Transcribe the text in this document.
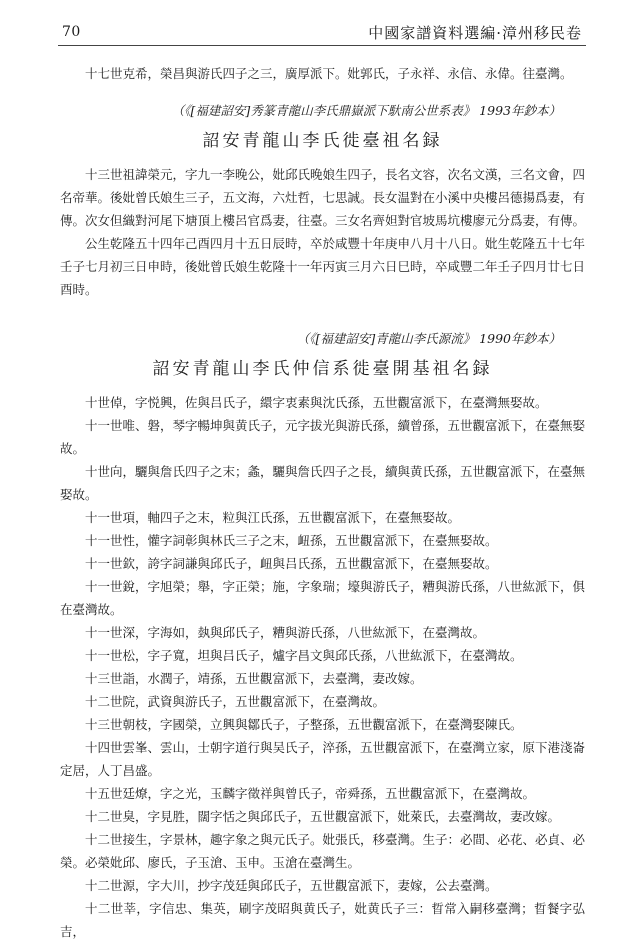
70	中國家譜資料選編·漳州移民卷

十七世克希，榮昌與游氏四子之三，廣厚派下。妣郭氏，子永祥、永信、永偉。往臺灣。

（《[福建詔安]秀篆青龍山李氏鼎嶽派下馱南公世系表》 1993年鈔本）
詔安青龍山李氏徙臺祖名録

十三世祖諱榮元，字九一李晚公，妣邱氏晚娘生四子，長名文容，次名文漢，三名文會，四名帝華。後妣曾氏娘生三子，五文海，六灶哲，七思誠。長女温對在小溪中央樓呂德揚爲妻，有傳。次女但織對河尾下塘頂上樓呂官爲妻，往臺。三女名齊妲對官坡馬坑樓廖元分爲妻，有傳。

公生乾隆五十四年己酉四月十五日辰時，卒於咸豐十年庚申八月十八日。妣生乾隆五十七年壬子七月初三日申時，後妣曾氏娘生乾隆十一年丙寅三月六日巳時，卒咸豐二年壬子四月廿七日酉時。

（《[福建詔安]青龍山李氏源流》 1990年鈔本）
詔安青龍山李氏仲信系徙臺開基祖名録

十世倬，字悦興，佐與吕氏子，繯字衷素與沈氏孫，五世觀富派下，在臺灣無娶故。

十一世唯、磐，琴字暢坤與黄氏子，元字拔光與游氏孫，續曾孫，五世觀富派下，在臺無娶故。

十世向，驪與詹氏四子之末；螽，驪與詹氏四子之長，續與黄氏孫，五世觀富派下，在臺無娶故。

十一世項，軸四子之末，粒與江氏孫，五世觀富派下，在臺無娶故。

十一世性，懽字詞彰與林氏三子之末，衄孫，五世觀富派下，在臺無娶故。

十一世欽，誇字詞謙與邱氏子，衄與吕氏孫，五世觀富派下，在臺無娶故。

十一世銳，字旭榮；舉，字正榮；施，字象瑞；壕與游氏子，糟與游氏孫，八世紘派下，俱在臺灣故。

十一世深，字海如，埶與邱氏子，糟與游氏孫，八世紘派下，在臺灣故。

十一世松，字子寬，坦與吕氏子，爐字昌文與邱氏孫，八世紘派下，在臺灣故。

十三世詣，水潤子，靖孫，五世觀富派下，去臺灣，妻改嫁。

十二世院，武資與游氏子，五世觀富派下，在臺灣故。

十三世朝枝，字國榮，立興與鄒氏子，子整孫，五世觀富派下，在臺灣娶陳氏。

十四世雲峯、雲山，士朝字道行與吴氏子，淬孫，五世觀富派下，在臺灣立家，原下港淺崙定居，人丁昌盛。

十五世廷燎，字之光，玉麟字徵祥與曾氏子，帝舜孫，五世觀富派下，在臺灣故。

十二世臭，字見胜，闊字恬之與邱氏子，五世觀富派下，妣萊氏，去臺灣故，妻改嫁。

十二世接生，字景林，趣字象之與元氏子。妣張氏，移臺灣。生子：必間、必花、必貞、必榮。必榮妣邱、廖氏，子玉滄、玉申。玉滄在臺灣生。

十二世源，字大川，抄字茂廷與邱氏子，五世觀富派下，妻嫁，公去臺灣。

十二世莘，字信忠、集英，刷字茂昭與黄氏子，妣黄氏子三：晢常入嗣移臺灣；晢餐字弘吉，
